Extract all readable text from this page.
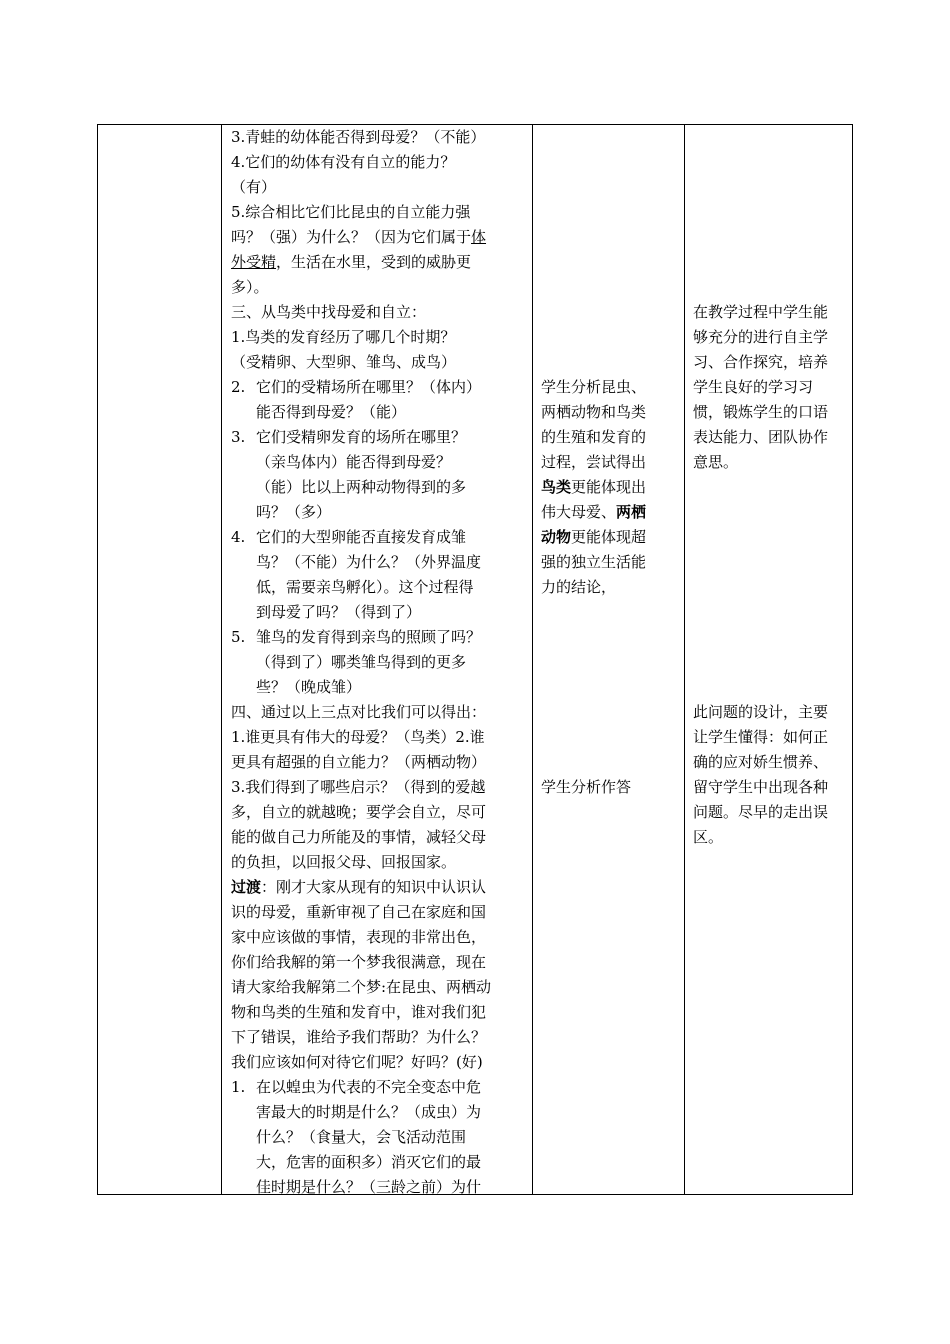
3.青蛙的幼体能否得到母爱？（不能）
4.它们的幼体有没有自立的能力？
（有）
5.综合相比它们比昆虫的自立能力强
吗？（强）为什么？（因为它们属于体
外受精，生活在水里，受到的威胁更
多）。
三、从鸟类中找母爱和自立：
1.鸟类的发育经历了哪几个时期？
（受精卵、大型卵、雏鸟、成鸟）
2. 它们的受精场所在哪里？（体内）
能否得到母爱？（能）
3. 它们受精卵发育的场所在哪里？
（亲鸟体内）能否得到母爱？
（能）比以上两种动物得到的多
吗？（多）
4. 它们的大型卵能否直接发育成雏
鸟？（不能）为什么？（外界温度
低，需要亲鸟孵化）。这个过程得
到母爱了吗？（得到了）
5. 雏鸟的发育得到亲鸟的照顾了吗？
（得到了）哪类雏鸟得到的更多
些？（晚成雏）
四、通过以上三点对比我们可以得出：
1.谁更具有伟大的母爱？（鸟类）2.谁
更具有超强的自立能力？（两栖动物）
3.我们得到了哪些启示？（得到的爱越
多，自立的就越晚；要学会自立，尽可
能的做自己力所能及的事情，减轻父母
的负担，以回报父母、回报国家。
过渡：刚才大家从现有的知识中认识认
识的母爱，重新审视了自己在家庭和国
家中应该做的事情，表现的非常出色，
你们给我解的第一个梦我很满意，现在
请大家给我解第二个梦:在昆虫、两栖动
物和鸟类的生殖和发育中，谁对我们犯
下了错误，谁给予我们帮助？为什么？
我们应该如何对待它们呢？好吗？(好)
1. 在以蝗虫为代表的不完全变态中危
害最大的时期是什么？（成虫）为
什么？（食量大，会飞活动范围
大，危害的面积多）消灭它们的最
佳时期是什么？（三龄之前）为什
学生分析昆虫、
两栖动物和鸟类
的生殖和发育的
过程，尝试得出
鸟类更能体现出
伟大母爱、两栖
动物更能体现超
强的独立生活能
力的结论，
学生分析作答
在教学过程中学生能
够充分的进行自主学
习、合作探究，培养
学生良好的学习习
惯，锻炼学生的口语
表达能力、团队协作
意思。
此问题的设计，主要
让学生懂得：如何正
确的应对娇生惯养、
留守学生中出现各种
问题。尽早的走出误
区。
